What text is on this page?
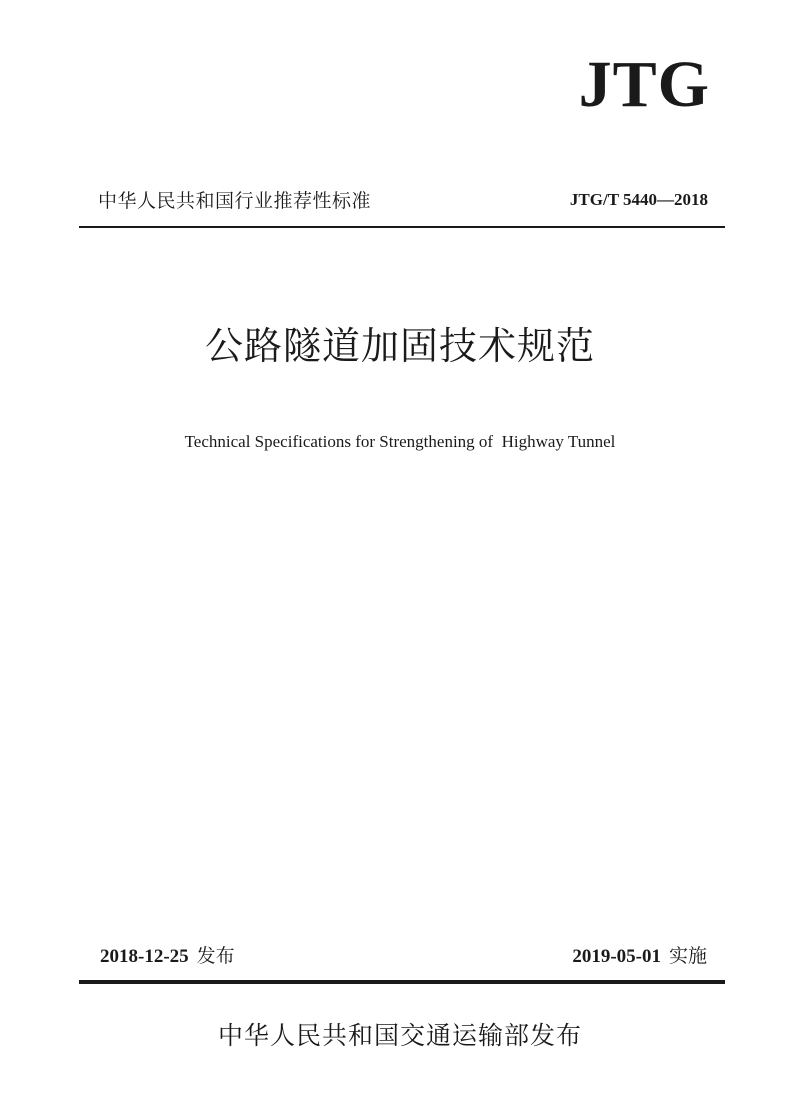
JTG
中华人民共和国行业推荐性标准	JTG/T 5440—2018
公路隧道加固技术规范
Technical Specifications for Strengthening of  Highway Tunnel
2018-12-25 发布	2019-05-01 实施
中华人民共和国交通运输部发布
